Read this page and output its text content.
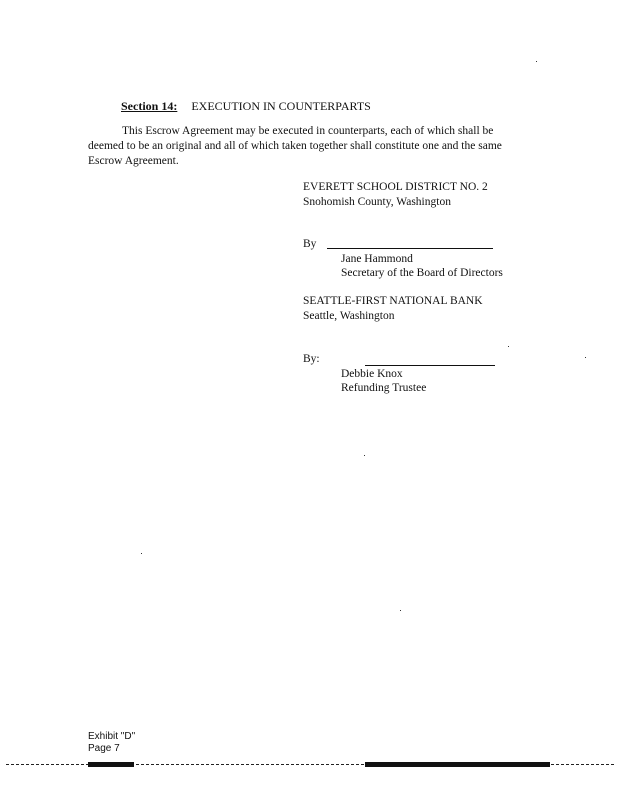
Section 14: EXECUTION IN COUNTERPARTS
This Escrow Agreement may be executed in counterparts, each of which shall be
deemed to be an original and all of which taken together shall constitute one and the same
Escrow Agreement.
EVERETT SCHOOL DISTRICT NO. 2
Snohomish County, Washington
By
Jane Hammond
Secretary of the Board of Directors
SEATTLE-FIRST NATIONAL BANK
Seattle, Washington
By:
Debbie Knox
Refunding Trustee
Exhibit "D"
Page 7
